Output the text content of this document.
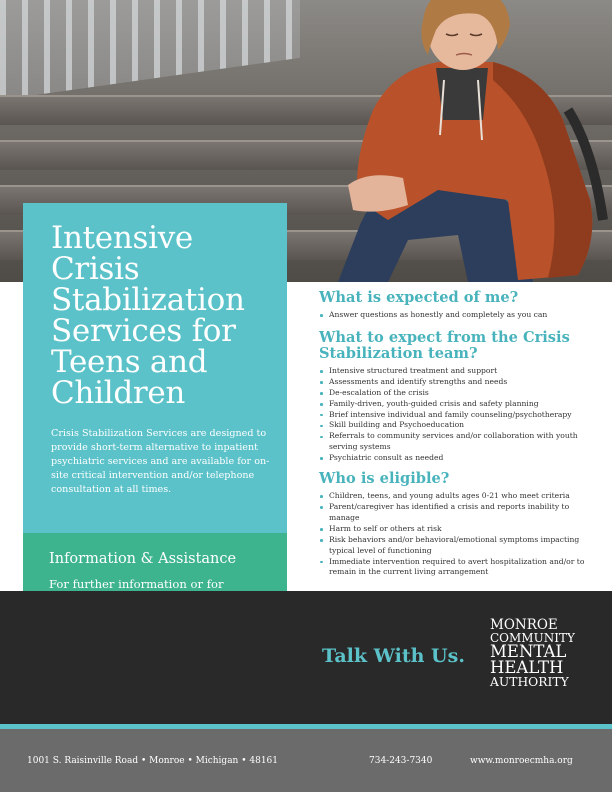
Intensive
Crisis
Stabilization
Services for
Teens and
Children

Crisis Stabilization Services are designed to provide short-term alternative to inpatient psychiatric services and are available for on-site critical intervention and/or telephone consultation at all times.

Information & Assistance
For further information or for
What is expected of me?
Answer questions as honestly and completely as you can
What to expect from the Crisis Stabilization team?
Intensive structured treatment and support
Assessments and identify strengths and needs
De-escalation of the crisis
Family-driven, youth-guided crisis and safety planning
Brief intensive individual and family counseling/psychotherapy
Skill building and Psychoeducation
Referrals to community services and/or collaboration with youth serving systems
Psychiatric consult as needed
Who is eligible?
Children, teens, and young adults ages 0-21 who meet criteria
Parent/caregiver has identified a crisis and reports inability to manage
Harm to self or others at risk
Risk behaviors and/or behavioral/emotional symptoms impacting typical level of functioning
Immediate intervention required to avert hospitalization and/or to remain in the current living arrangement
Talk With Us.
MONROE
COMMUNITY
MENTAL
HEALTH
AUTHORITY
1001 S. Raisinville Road • Monroe • Michigan • 48161	734-243-7340	www.monroecmha.org
